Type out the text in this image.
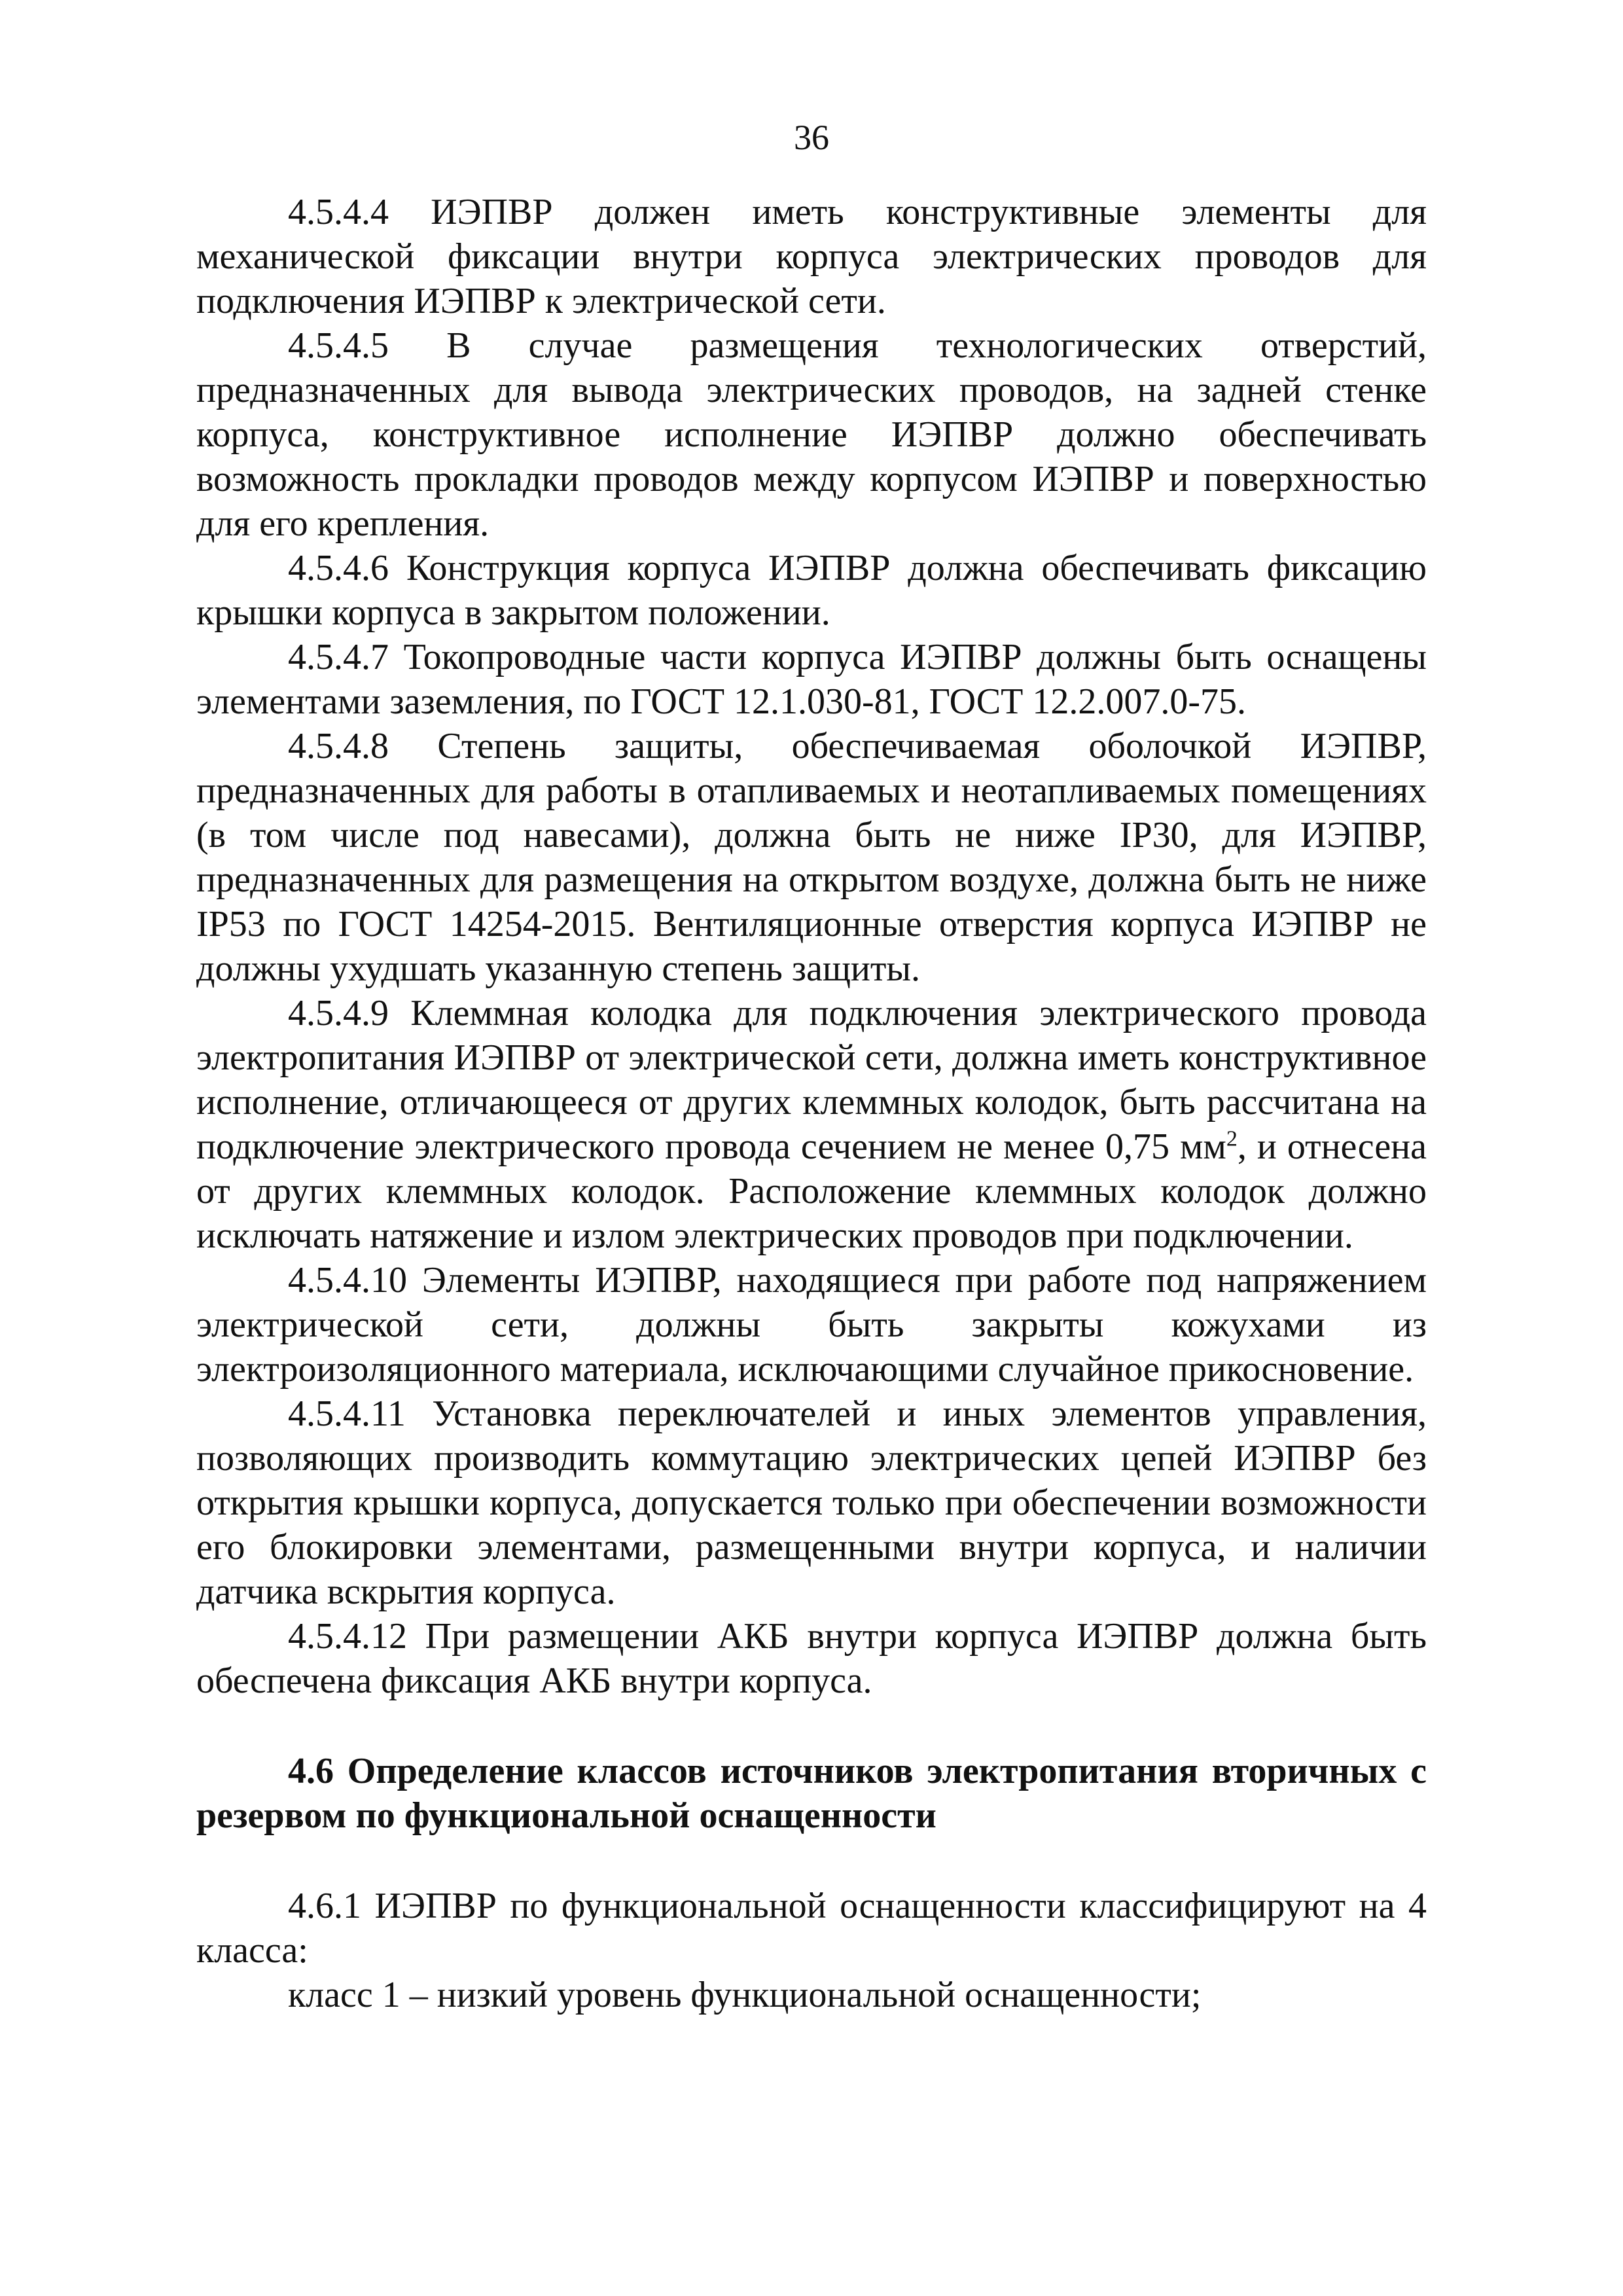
36

4.5.4.4 ИЭПВР должен иметь конструктивные элементы для механической фиксации внутри корпуса электрических проводов для подключения ИЭПВР к электрической сети.

4.5.4.5 В случае размещения технологических отверстий, предназначенных для вывода электрических проводов, на задней стенке корпуса, конструктивное исполнение ИЭПВР должно обеспечивать возможность прокладки проводов между корпусом ИЭПВР и поверхностью для его крепления.

4.5.4.6 Конструкция корпуса ИЭПВР должна обеспечивать фиксацию крышки корпуса в закрытом положении.

4.5.4.7 Токопроводные части корпуса ИЭПВР должны быть оснащены элементами заземления, по ГОСТ 12.1.030-81, ГОСТ 12.2.007.0-75.

4.5.4.8 Степень защиты, обеспечиваемая оболочкой ИЭПВР, предназначенных для работы в отапливаемых и неотапливаемых помещениях (в том числе под навесами), должна быть не ниже IP30, для ИЭПВР, предназначенных для размещения на открытом воздухе, должна быть не ниже IP53 по ГОСТ 14254-2015. Вентиляционные отверстия корпуса ИЭПВР не должны ухудшать указанную степень защиты.

4.5.4.9 Клеммная колодка для подключения электрического провода электропитания ИЭПВР от электрической сети, должна иметь конструктивное исполнение, отличающееся от других клеммных колодок, быть рассчитана на подключение электрического провода сечением не менее 0,75 $мм^2$, и отнесена от других клеммных колодок. Расположение клеммных колодок должно исключать натяжение и излом электрических проводов при подключении.

4.5.4.10 Элементы ИЭПВР, находящиеся при работе под напряжением электрической сети, должны быть закрыты кожухами из электроизоляционного материала, исключающими случайное прикосновение.

4.5.4.11 Установка переключателей и иных элементов управления, позволяющих производить коммутацию электрических цепей ИЭПВР без открытия крышки корпуса, допускается только при обеспечении возможности его блокировки элементами, размещенными внутри корпуса, и наличии датчика вскрытия корпуса.

4.5.4.12 При размещении АКБ внутри корпуса ИЭПВР должна быть обеспечена фиксация АКБ внутри корпуса.

4.6 Определение классов источников электропитания вторичных с резервом по функциональной оснащенности

4.6.1 ИЭПВР по функциональной оснащенности классифицируют на 4 класса:

класс 1 – низкий уровень функциональной оснащенности;
